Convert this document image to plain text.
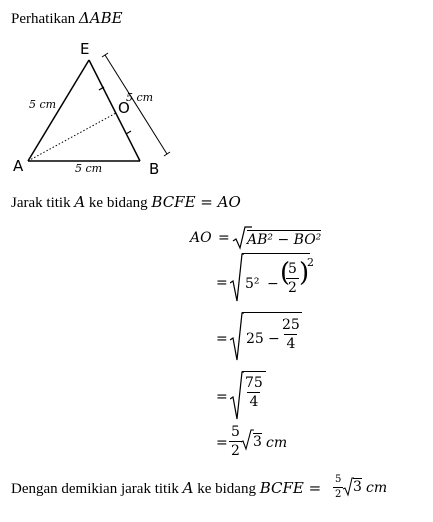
Perhatikan ΔABE
E
O
A	B
5 cm
5 cm
5 cm
Jarak titik A ke bidang BCFE = AO
AO = AB² − BO²
= 5² − (
$\frac{5}{2}$ )
2
= $25 - \frac{25}{4}$
= $\frac{75}{4}$
= $\frac{5}{2} 3$ cm
Dengan demikian jarak titik A ke bidang BCFE = $\frac{5}{2} 3$ cm
